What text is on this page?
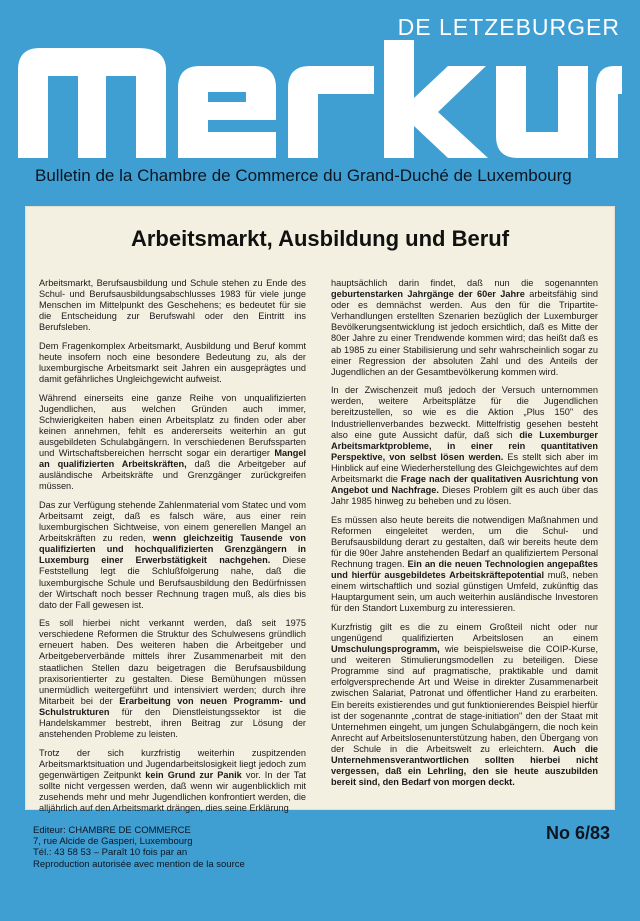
DE LETZEBURGER
Bulletin de la Chambre de Commerce du Grand-Duché de Luxembourg
Arbeitsmarkt, Ausbildung und Beruf

Arbeitsmarkt, Berufsausbildung und Schule stehen zu Ende des Schul- und Berufsausbildungsabschlusses 1983 für viele junge Menschen im Mittelpunkt des Geschehens; es bedeutet für sie die Entscheidung zur Berufswahl oder den Eintritt ins Berufsleben.

Dem Fragenkomplex Arbeitsmarkt, Ausbildung und Beruf kommt heute insofern noch eine besondere Bedeutung zu, als der luxemburgische Arbeitsmarkt seit Jahren ein ausgeprägtes und damit gefährliches Ungleichgewicht aufweist.

Während einerseits eine ganze Reihe von unqualifizierten Jugendlichen, aus welchen Gründen auch immer, Schwierigkeiten haben einen Arbeitsplatz zu finden oder aber keinen annehmen, fehlt es andererseits weiterhin an gut ausgebildeten Schulabgängern. In verschiedenen Berufssparten und Wirtschaftsbereichen herrscht sogar ein derartiger Mangel an qualifizierten Arbeitskräften, daß die Arbeitgeber auf ausländische Arbeitskräfte und Grenzgänger zurückgreifen müssen.

Das zur Verfügung stehende Zahlenmaterial vom Statec und vom Arbeitsamt zeigt, daß es falsch wäre, aus einer rein luxemburgischen Sichtweise, von einem generellen Mangel an Arbeitskräften zu reden, wenn gleichzeitig Tausende von qualifizierten und hochqualifizierten Grenzgängern in Luxemburg einer Erwerbstätigkeit nachgehen. Diese Feststellung legt die Schlußfolgerung nahe, daß die luxemburgische Schule und Berufsausbildung den Bedürfnissen der Wirtschaft noch besser Rechnung tragen muß, als dies bis dato der Fall gewesen ist.

Es soll hierbei nicht verkannt werden, daß seit 1975 verschiedene Reformen die Struktur des Schulwesens gründlich erneuert haben. Des weiteren haben die Arbeitgeber und Arbeitgeberverbände mittels ihrer Zusammenarbeit mit den staatlichen Stellen dazu beigetragen die Berufsausbildung praxisorientierter zu gestalten. Diese Bemühungen müssen unermüdlich weitergeführt und intensiviert werden; durch ihre Mitarbeit bei der Erarbeitung von neuen Programm- und Schulstrukturen für den Dienstleistungssektor ist die Handelskammer bestrebt, ihren Beitrag zur Lösung der anstehenden Probleme zu leisten.

Trotz der sich kurzfristig weiterhin zuspitzenden Arbeitsmarktsituation und Jugendarbeitslosigkeit liegt jedoch zum gegenwärtigen Zeitpunkt kein Grund zur Panik vor. In der Tat sollte nicht vergessen werden, daß wenn wir augenblicklich mit zusehends mehr und mehr Jugendlichen konfrontiert werden, die alljährlich auf den Arbeitsmarkt drängen, dies seine Erklärung

hauptsächlich darin findet, daß nun die sogenannten geburtenstarken Jahrgänge der 60er Jahre arbeitsfähig sind oder es demnächst werden. Aus den für die Tripartite-Verhandlungen erstellten Szenarien bezüglich der Luxemburger Bevölkerungsentwicklung ist jedoch ersichtlich, daß es Mitte der 80er Jahre zu einer Trendwende kommen wird; das heißt daß es ab 1985 zu einer Stabilisierung und sehr wahrscheinlich sogar zu einer Regression der absoluten Zahl und des Anteils der Jugendlichen an der Gesamtbevölkerung kommen wird.

In der Zwischenzeit muß jedoch der Versuch unternommen werden, weitere Arbeitsplätze für die Jugendlichen bereitzustellen, so wie es die Aktion „Plus 150" des Industriellenverbandes bezweckt. Mittelfristig gesehen besteht also eine gute Aussicht dafür, daß sich die Luxemburger Arbeitsmarktprobleme, in einer rein quantitativen Perspektive, von selbst lösen werden. Es stellt sich aber im Hinblick auf eine Wiederherstellung des Gleichgewichtes auf dem Arbeitsmarkt die Frage nach der qualitativen Ausrichtung von Angebot und Nachfrage. Dieses Problem gilt es auch über das Jahr 1985 hinweg zu beheben und zu lösen.

Es müssen also heute bereits die notwendigen Maßnahmen und Reformen eingeleitet werden, um die Schul- und Berufsausbildung derart zu gestalten, daß wir bereits heute dem für die 90er Jahre anstehenden Bedarf an qualifiziertem Personal Rechnung tragen. Ein an die neuen Technologien angepaßtes und hierfür ausgebildetes Arbeitskräftepotential muß, neben einem wirtschaftlich und sozial günstigen Umfeld, zukünftig das Hauptargument sein, um auch weiterhin ausländische Investoren für den Standort Luxemburg zu interessieren.

Kurzfristig gilt es die zu einem Großteil nicht oder nur ungenügend qualifizierten Arbeitslosen an einem Umschulungsprogramm, wie beispielsweise die COIP-Kurse, und weiteren Stimulierungsmodellen zu beteiligen. Diese Programme sind auf pragmatische, praktikable und damit erfolgversprechende Art und Weise in direkter Zusammenarbeit zwischen Salariat, Patronat und öffentlicher Hand zu erarbeiten. Ein bereits existierendes und gut funktionierendes Beispiel hierfür ist der sogenannte „contrat de stage-initiation" den der Staat mit Unternehmen eingeht, um jungen Schulabgängern, die noch kein Anrecht auf Arbeitslosenunterstützung haben, den Übergang von der Schule in die Arbeitswelt zu erleichtern. Auch die Unternehmensverantwortlichen sollten hierbei nicht vergessen, daß ein Lehrling, den sie heute auszubilden bereit sind, den Bedarf von morgen deckt.

Editeur: CHAMBRE DE COMMERCE
7, rue Alcide de Gasperi, Luxembourg
Tél.: 43 58 53 – Paraît 10 fois par an
Reproduction autorisée avec mention de la source
No 6/83
